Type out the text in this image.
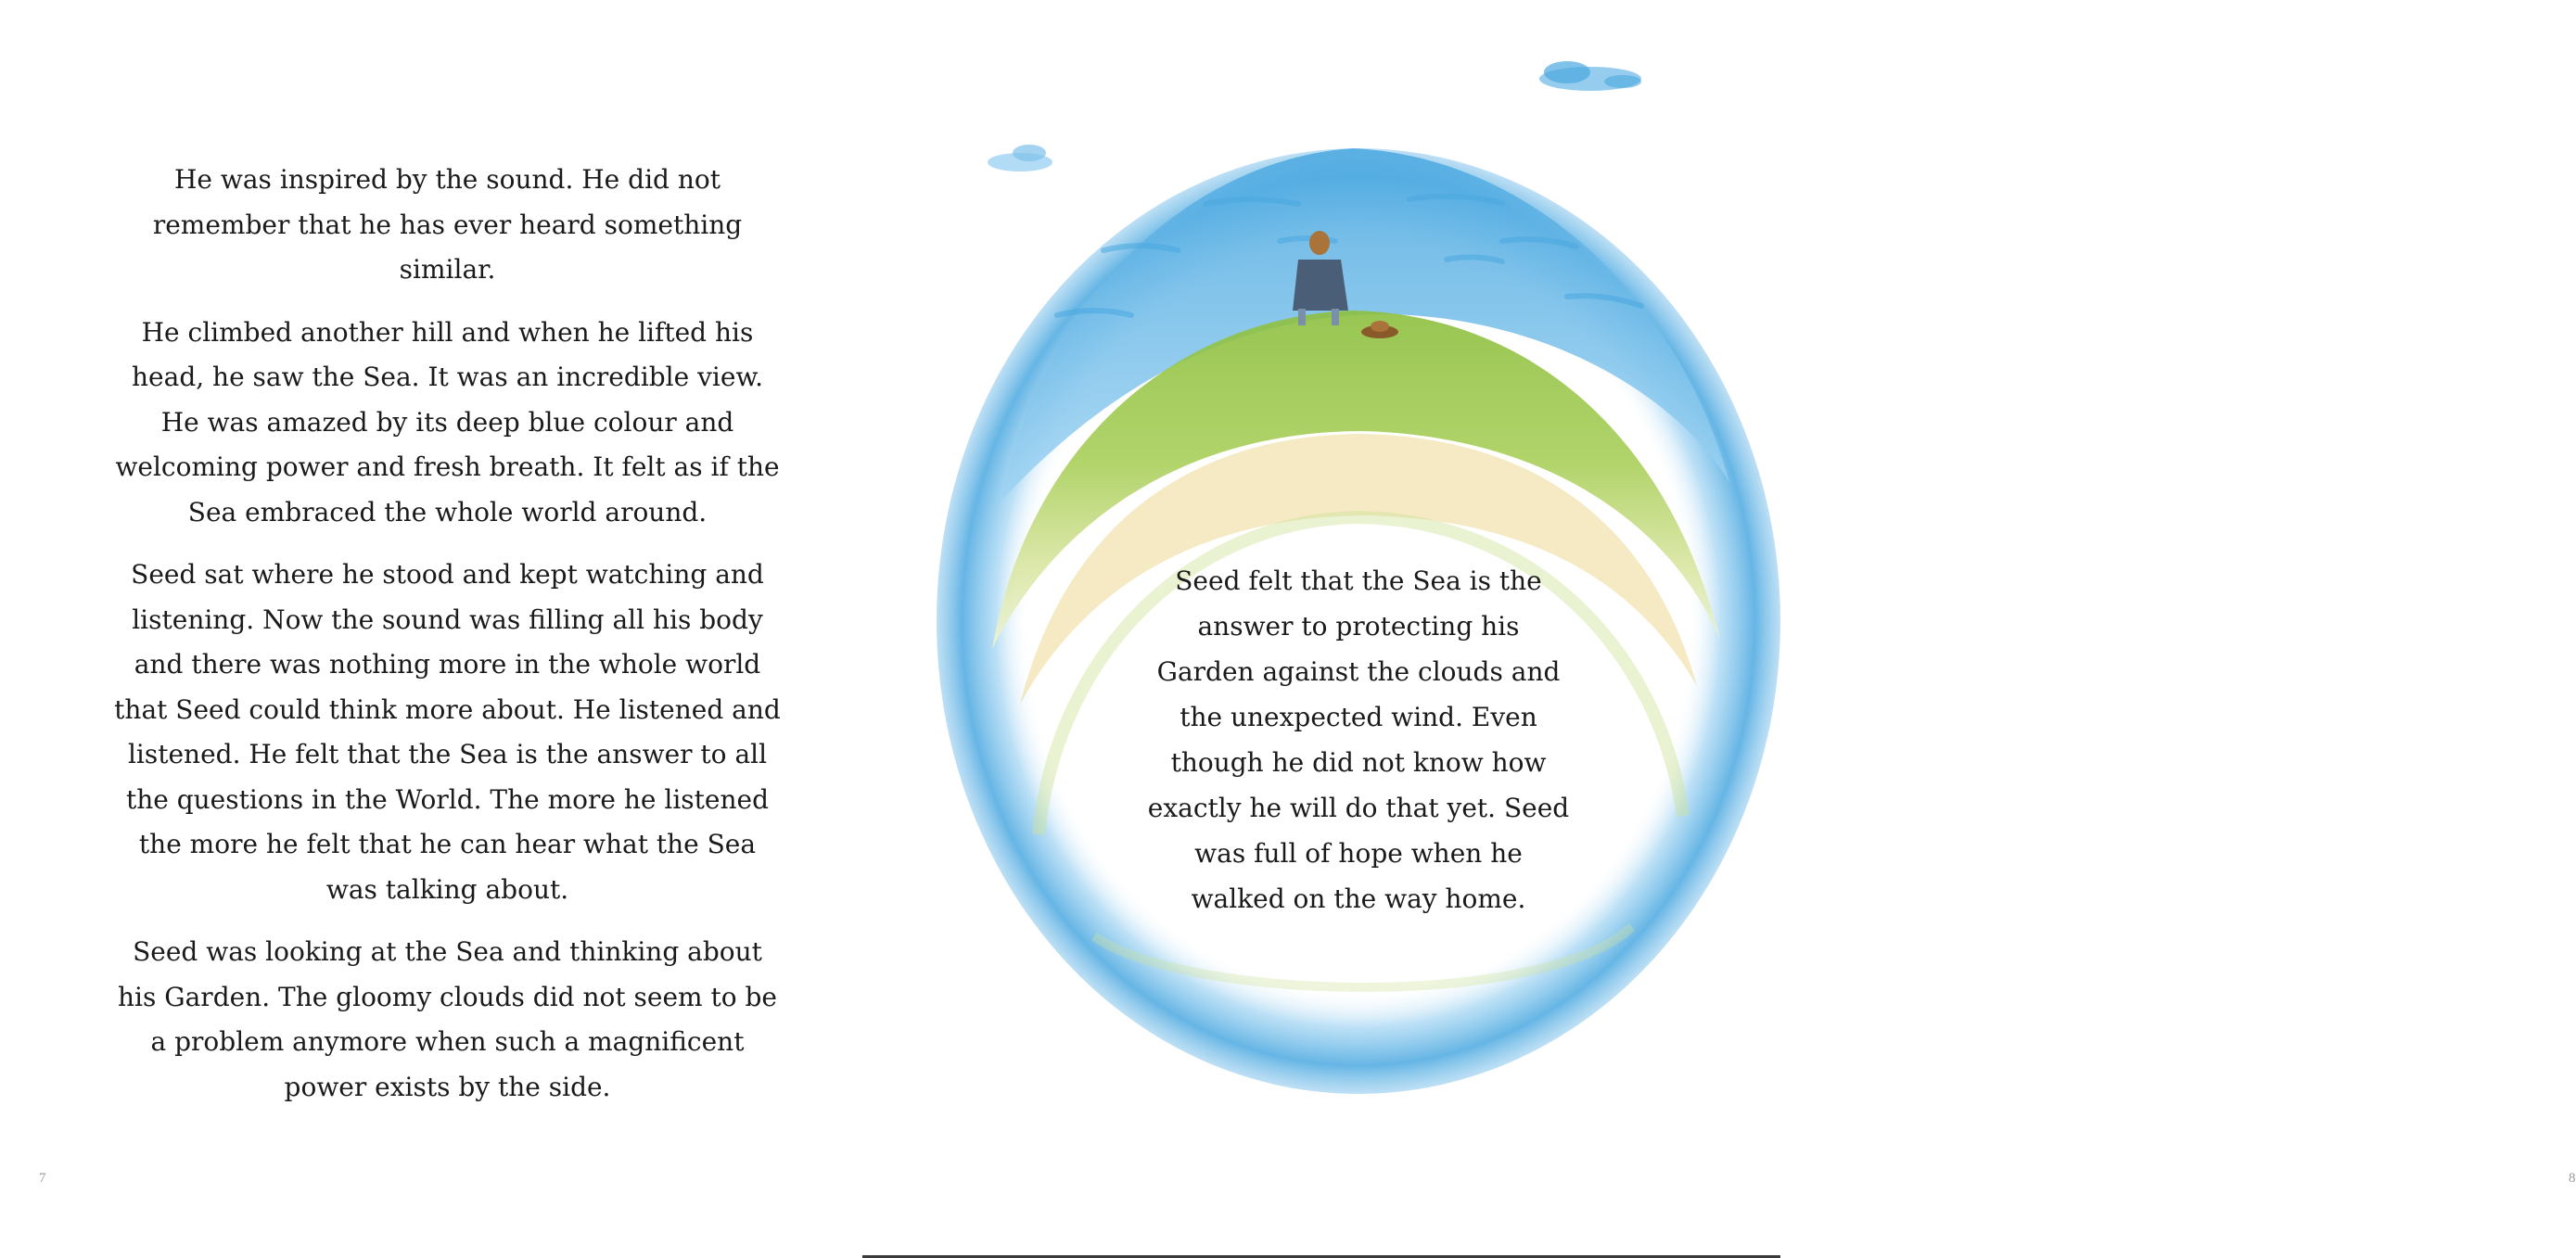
He was inspired by the sound. He did not remember that he has ever heard something similar.

He climbed another hill and when he lifted his head, he saw the Sea. It was an incredible view. He was amazed by its deep blue colour and welcoming power and fresh breath. It felt as if the Sea embraced the whole world around.

Seed sat where he stood and kept watching and listening. Now the sound was filling all his body and there was nothing more in the whole world that Seed could think more about. He listened and listened. He felt that the Sea is the answer to all the questions in the World. The more he listened the more he felt that he can hear what the Sea was talking about.

Seed was looking at the Sea and thinking about his Garden. The gloomy clouds did not seem to be a problem anymore when such a magnificent power exists by the side.

7	8
Seed felt that the Sea is the answer to protecting his Garden against the clouds and the unexpected wind. Even though he did not know how exactly he will do that yet. Seed was full of hope when he walked on the way home.
